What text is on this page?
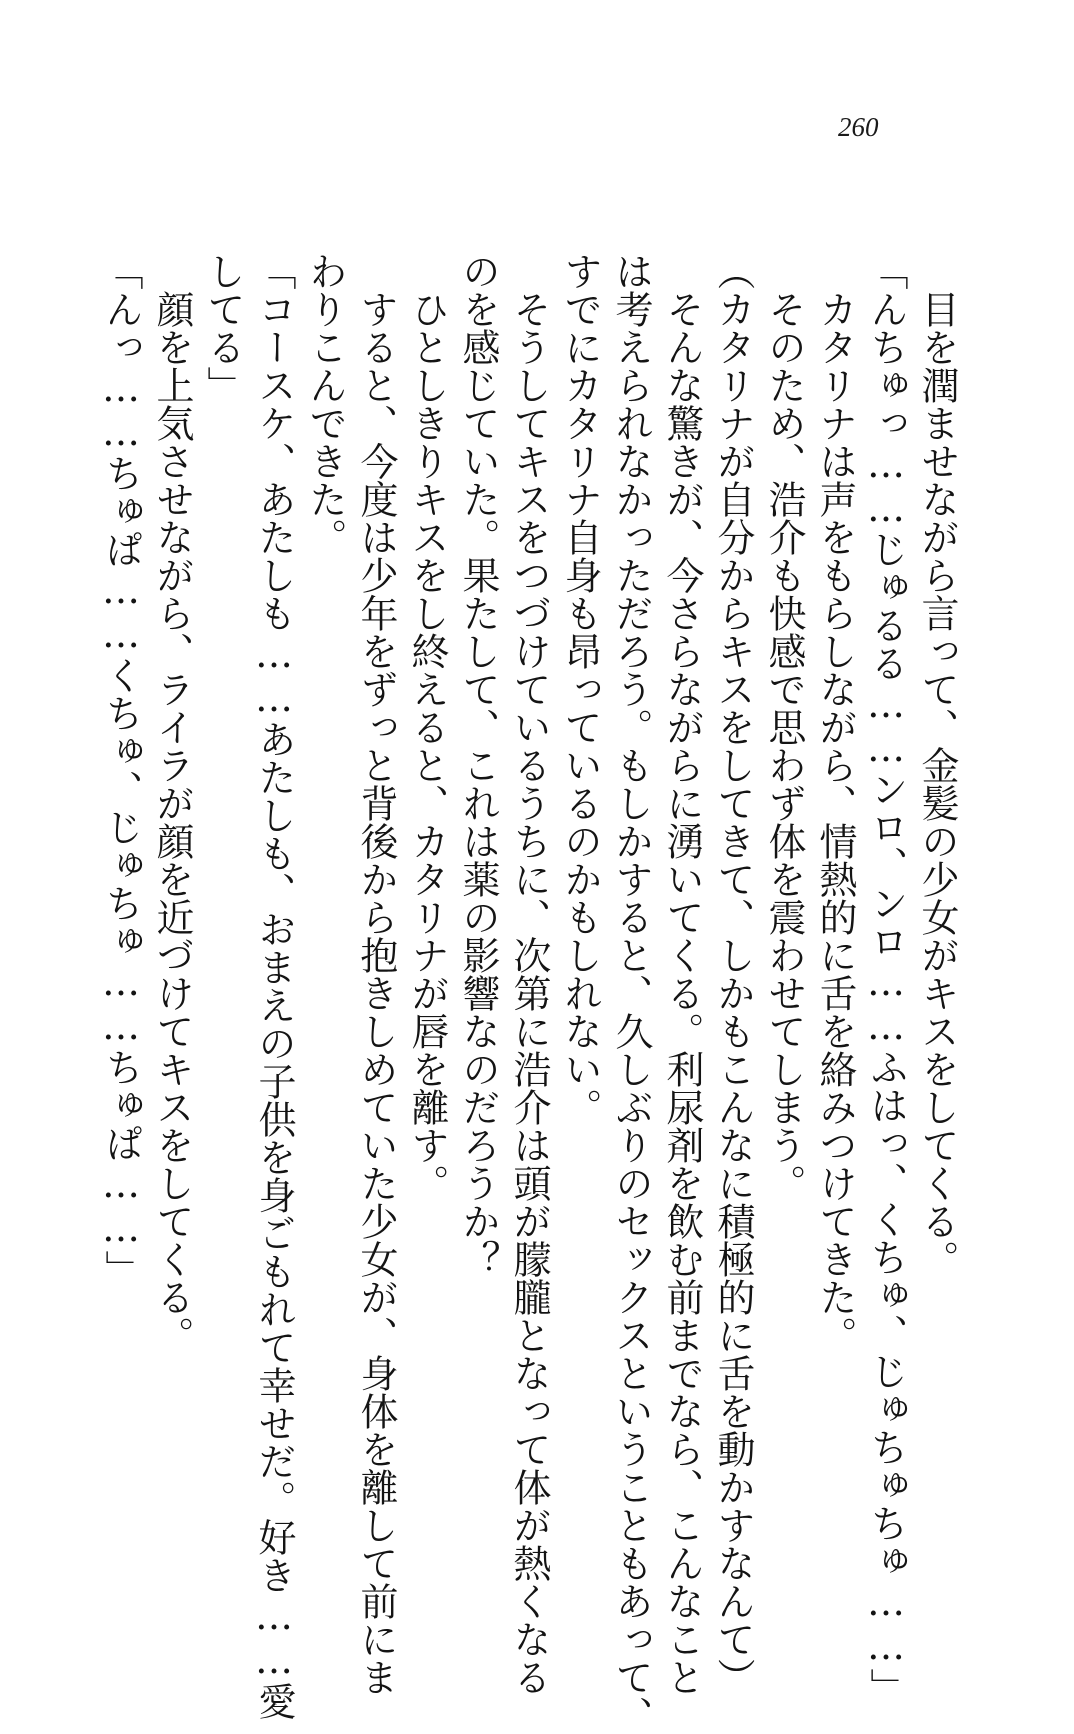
260
　目を潤ませながら言って、金髪の少女がキスをしてくる。
「んちゅっ……じゅるる……ンロ、ンロ……ふはっ、くちゅ、じゅちゅちゅ……」
　カタリナは声をもらしながら、情熱的に舌を絡みつけてきた。
　そのため、浩介も快感で思わず体を震わせてしまう。
（カタリナが自分からキスをしてきて、しかもこんなに積極的に舌を動かすなんて）
　そんな驚きが、今さらながらに湧いてくる。利尿剤を飲む前までなら、こんなこと
は考えられなかっただろう。もしかすると、久しぶりのセックスということもあって、
すでにカタリナ自身も昂っているのかもしれない。
　そうしてキスをつづけているうちに、次第に浩介は頭が朦朧となって体が熱くなる
のを感じていた。果たして、これは薬の影響なのだろうか？
　ひとしきりキスをし終えると、カタリナが唇を離す。
　すると、今度は少年をずっと背後から抱きしめていた少女が、身体を離して前にま
わりこんできた。
「コースケ、あたしも……あたしも、おまえの子供を身ごもれて幸せだ。好き……愛
してる」
　顔を上気させながら、ライラが顔を近づけてキスをしてくる。
「んっ……ちゅぱ……くちゅ、じゅちゅ……ちゅぱ……」
